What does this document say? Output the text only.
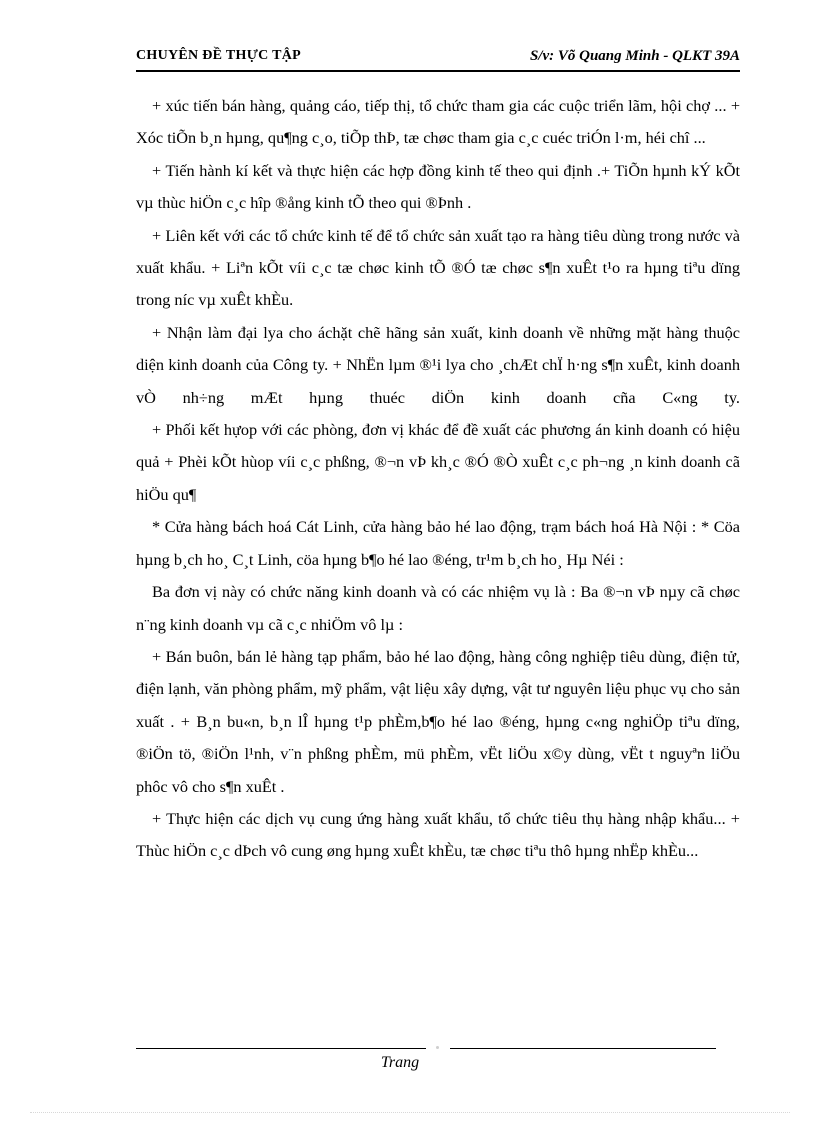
CHUYÊN ĐỀ THỰC TẬP	S/v: Võ Quang Minh - QLKT 39A

+ xúc tiến bán hàng, quảng cáo, tiếp thị, tổ chức tham gia các cuộc triển lãm, hội chợ ... + Xóc tiÕn b¸n hµng, qu¶ng c¸o, tiÕp thÞ, tæ chøc tham gia c¸c cuéc triÓn l·m, héi chî ...

+ Tiến hành kí kết và thực hiện các hợp đồng kinh tế theo qui định .+ TiÕn hµnh kÝ kÕt vµ thùc hiÖn c¸c hîp ®ång kinh tÕ theo qui ®Þnh .

+ Liên kết với các tổ chức kinh tế để tổ chức sản xuất tạo ra hàng tiêu dùng trong nước và xuất khẩu. + Liªn kÕt víi c¸c tæ chøc kinh tÕ ®Ó tæ chøc s¶n xuÊt t¹o ra hµng tiªu dïng trong níc vµ xuÊt khÈu.

+ Nhận làm đại lya cho áchặt chẽ hãng sản xuất, kinh doanh về những mặt hàng thuộc diện kinh doanh của Công ty. + NhËn lµm ®¹i lya cho ¸chÆt chÏ h·ng s¶n xuÊt, kinh doanh vÒ nh÷ng mÆt hµng thuéc diÖn kinh doanh cña C«ng ty.

+ Phối kết hựop với các phòng, đơn vị khác để đề xuất các phương án kinh doanh có hiệu quả + Phèi kÕt hùop víi c¸c phßng, ®¬n vÞ kh¸c ®Ó ®Ò xuÊt c¸c ph¬ng ¸n kinh doanh cã hiÖu qu¶

* Cửa hàng bách hoá Cát Linh, cửa hàng bảo hé lao động, trạm bách hoá Hà Nội : * Cöa hµng b¸ch ho¸ C¸t Linh, cöa hµng b¶o hé lao ®éng, tr¹m b¸ch ho¸ Hµ Néi :

Ba đơn vị này có chức năng kinh doanh và có các nhiệm vụ là : Ba ®¬n vÞ nµy cã chøc n¨ng kinh doanh vµ cã c¸c nhiÖm vô lµ :

+ Bán buôn, bán lẻ hàng tạp phẩm, bảo hé lao động, hàng công nghiệp tiêu dùng, điện tử, điện lạnh, văn phòng phẩm, mỹ phẩm, vật liệu xây dựng, vật tư nguyên liệu phục vụ cho sản xuất . + B¸n bu«n, b¸n lÎ hµng t¹p phÈm,b¶o hé lao ®éng, hµng c«ng nghiÖp tiªu dïng, ®iÖn tö, ®iÖn l¹nh, v¨n phßng phÈm, mü phÈm, vËt liÖu x©y dùng, vËt t nguyªn liÖu phôc vô cho s¶n xuÊt .

+ Thực hiện các dịch vụ cung ứng hàng xuất khẩu, tổ chức tiêu thụ hàng nhập khẩu... + Thùc hiÖn c¸c dÞch vô cung øng hµng xuÊt khÈu, tæ chøc tiªu thô hµng nhËp khÈu...

Trang
